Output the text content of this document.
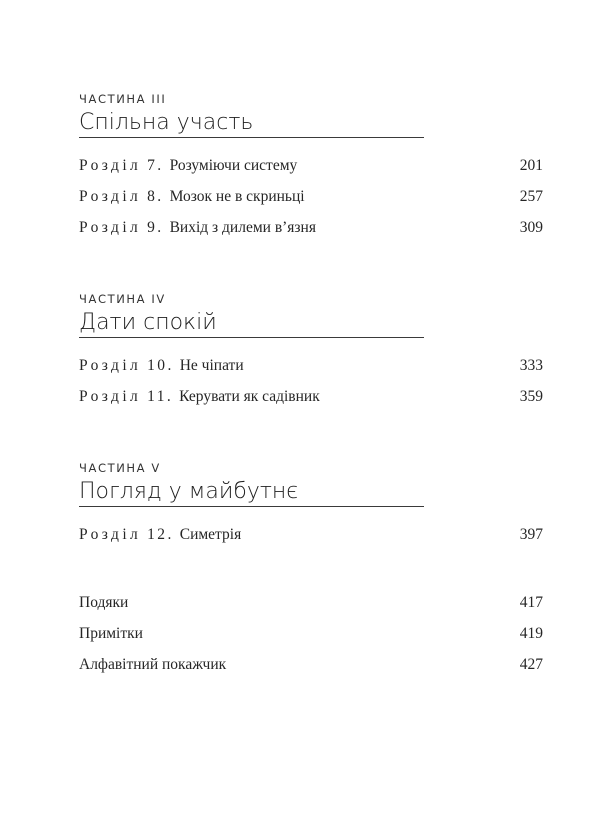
ЧАСТИНА III
Спільна участь
Розділ 7. Розуміючи систему	201
Розділ 8. Мозок не в скриньці	257
Розділ 9. Вихід з дилеми в’язня	309
ЧАСТИНА IV
Дати спокій
Розділ 10. Не чіпати	333
Розділ 11. Керувати як садівник	359
ЧАСТИНА V
Погляд у майбутнє
Розділ 12. Симетрія	397
Подяки	417
Примітки	419
Алфавітний покажчик	427
